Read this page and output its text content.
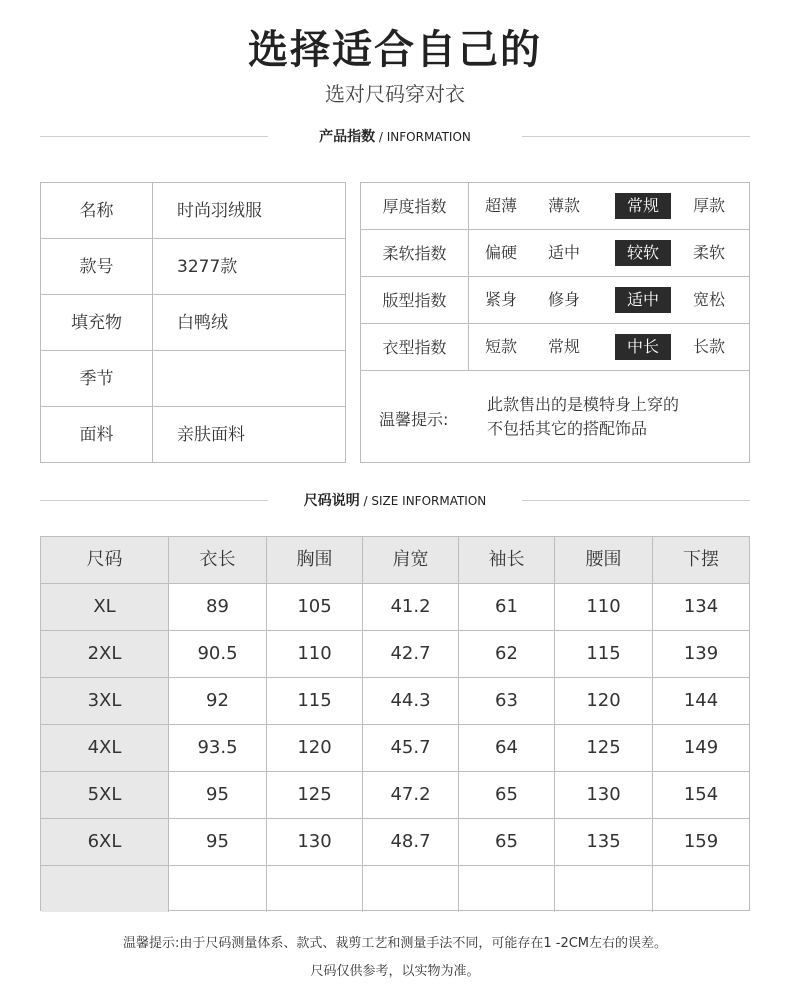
选择适合自己的
选对尺码穿对衣
产品指数 / INFORMATION
名称	时尚羽绒服
款号	3277款
填充物	白鸭绒
季节
面料	亲肤面料
衣型指数	短款	常规	中长	长款
版型指数	紧身	修身	适中	宽松
柔软指数	偏硬	适中	较软	柔软
厚度指数	超薄	薄款	常规	厚款
温馨提示:
此款售出的是模特身上穿的
不包括其它的搭配饰品
尺码说明 / SIZE INFORMATION
尺码	衣长	胸围	肩宽	袖长	腰围	下摆
XL	89	105	41.2	61	110	134
2XL	90.5	110	42.7	62	115	139
3XL	92	115	44.3	63	120	144
4XL	93.5	120	45.7	64	125	149
5XL	95	125	47.2	65	130	154
6XL	95	130	48.7	65	135	159
温馨提示:由于尺码测量体系、款式、裁剪工艺和测量手法不同，可能存在1 -2CM左右的误差。
尺码仅供参考，以实物为准。
